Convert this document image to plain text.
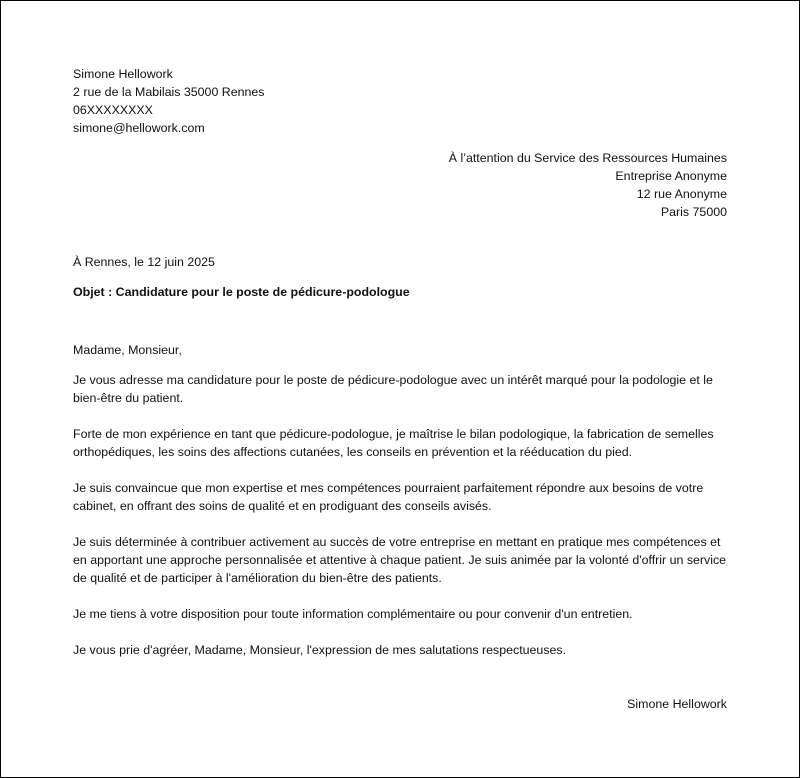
Simone Hellowork
2 rue de la Mabilais 35000 Rennes
06XXXXXXXX
simone@hellowork.com
À l’attention du Service des Ressources Humaines
Entreprise Anonyme
12 rue Anonyme
Paris 75000
À Rennes, le 12 juin 2025
Objet : Candidature pour le poste de pédicure-podologue
Madame, Monsieur,

Je vous adresse ma candidature pour le poste de pédicure-podologue avec un intérêt marqué pour la podologie et le bien-être du patient.

Forte de mon expérience en tant que pédicure-podologue, je maîtrise le bilan podologique, la fabrication de semelles orthopédiques, les soins des affections cutanées, les conseils en prévention et la rééducation du pied.

Je suis convaincue que mon expertise et mes compétences pourraient parfaitement répondre aux besoins de votre cabinet, en offrant des soins de qualité et en prodiguant des conseils avisés.

Je suis déterminée à contribuer activement au succès de votre entreprise en mettant en pratique mes compétences et en apportant une approche personnalisée et attentive à chaque patient. Je suis animée par la volonté d'offrir un service de qualité et de participer à l'amélioration du bien-être des patients.

Je me tiens à votre disposition pour toute information complémentaire ou pour convenir d'un entretien.

Je vous prie d'agréer, Madame, Monsieur, l'expression de mes salutations respectueuses.

Simone Hellowork
